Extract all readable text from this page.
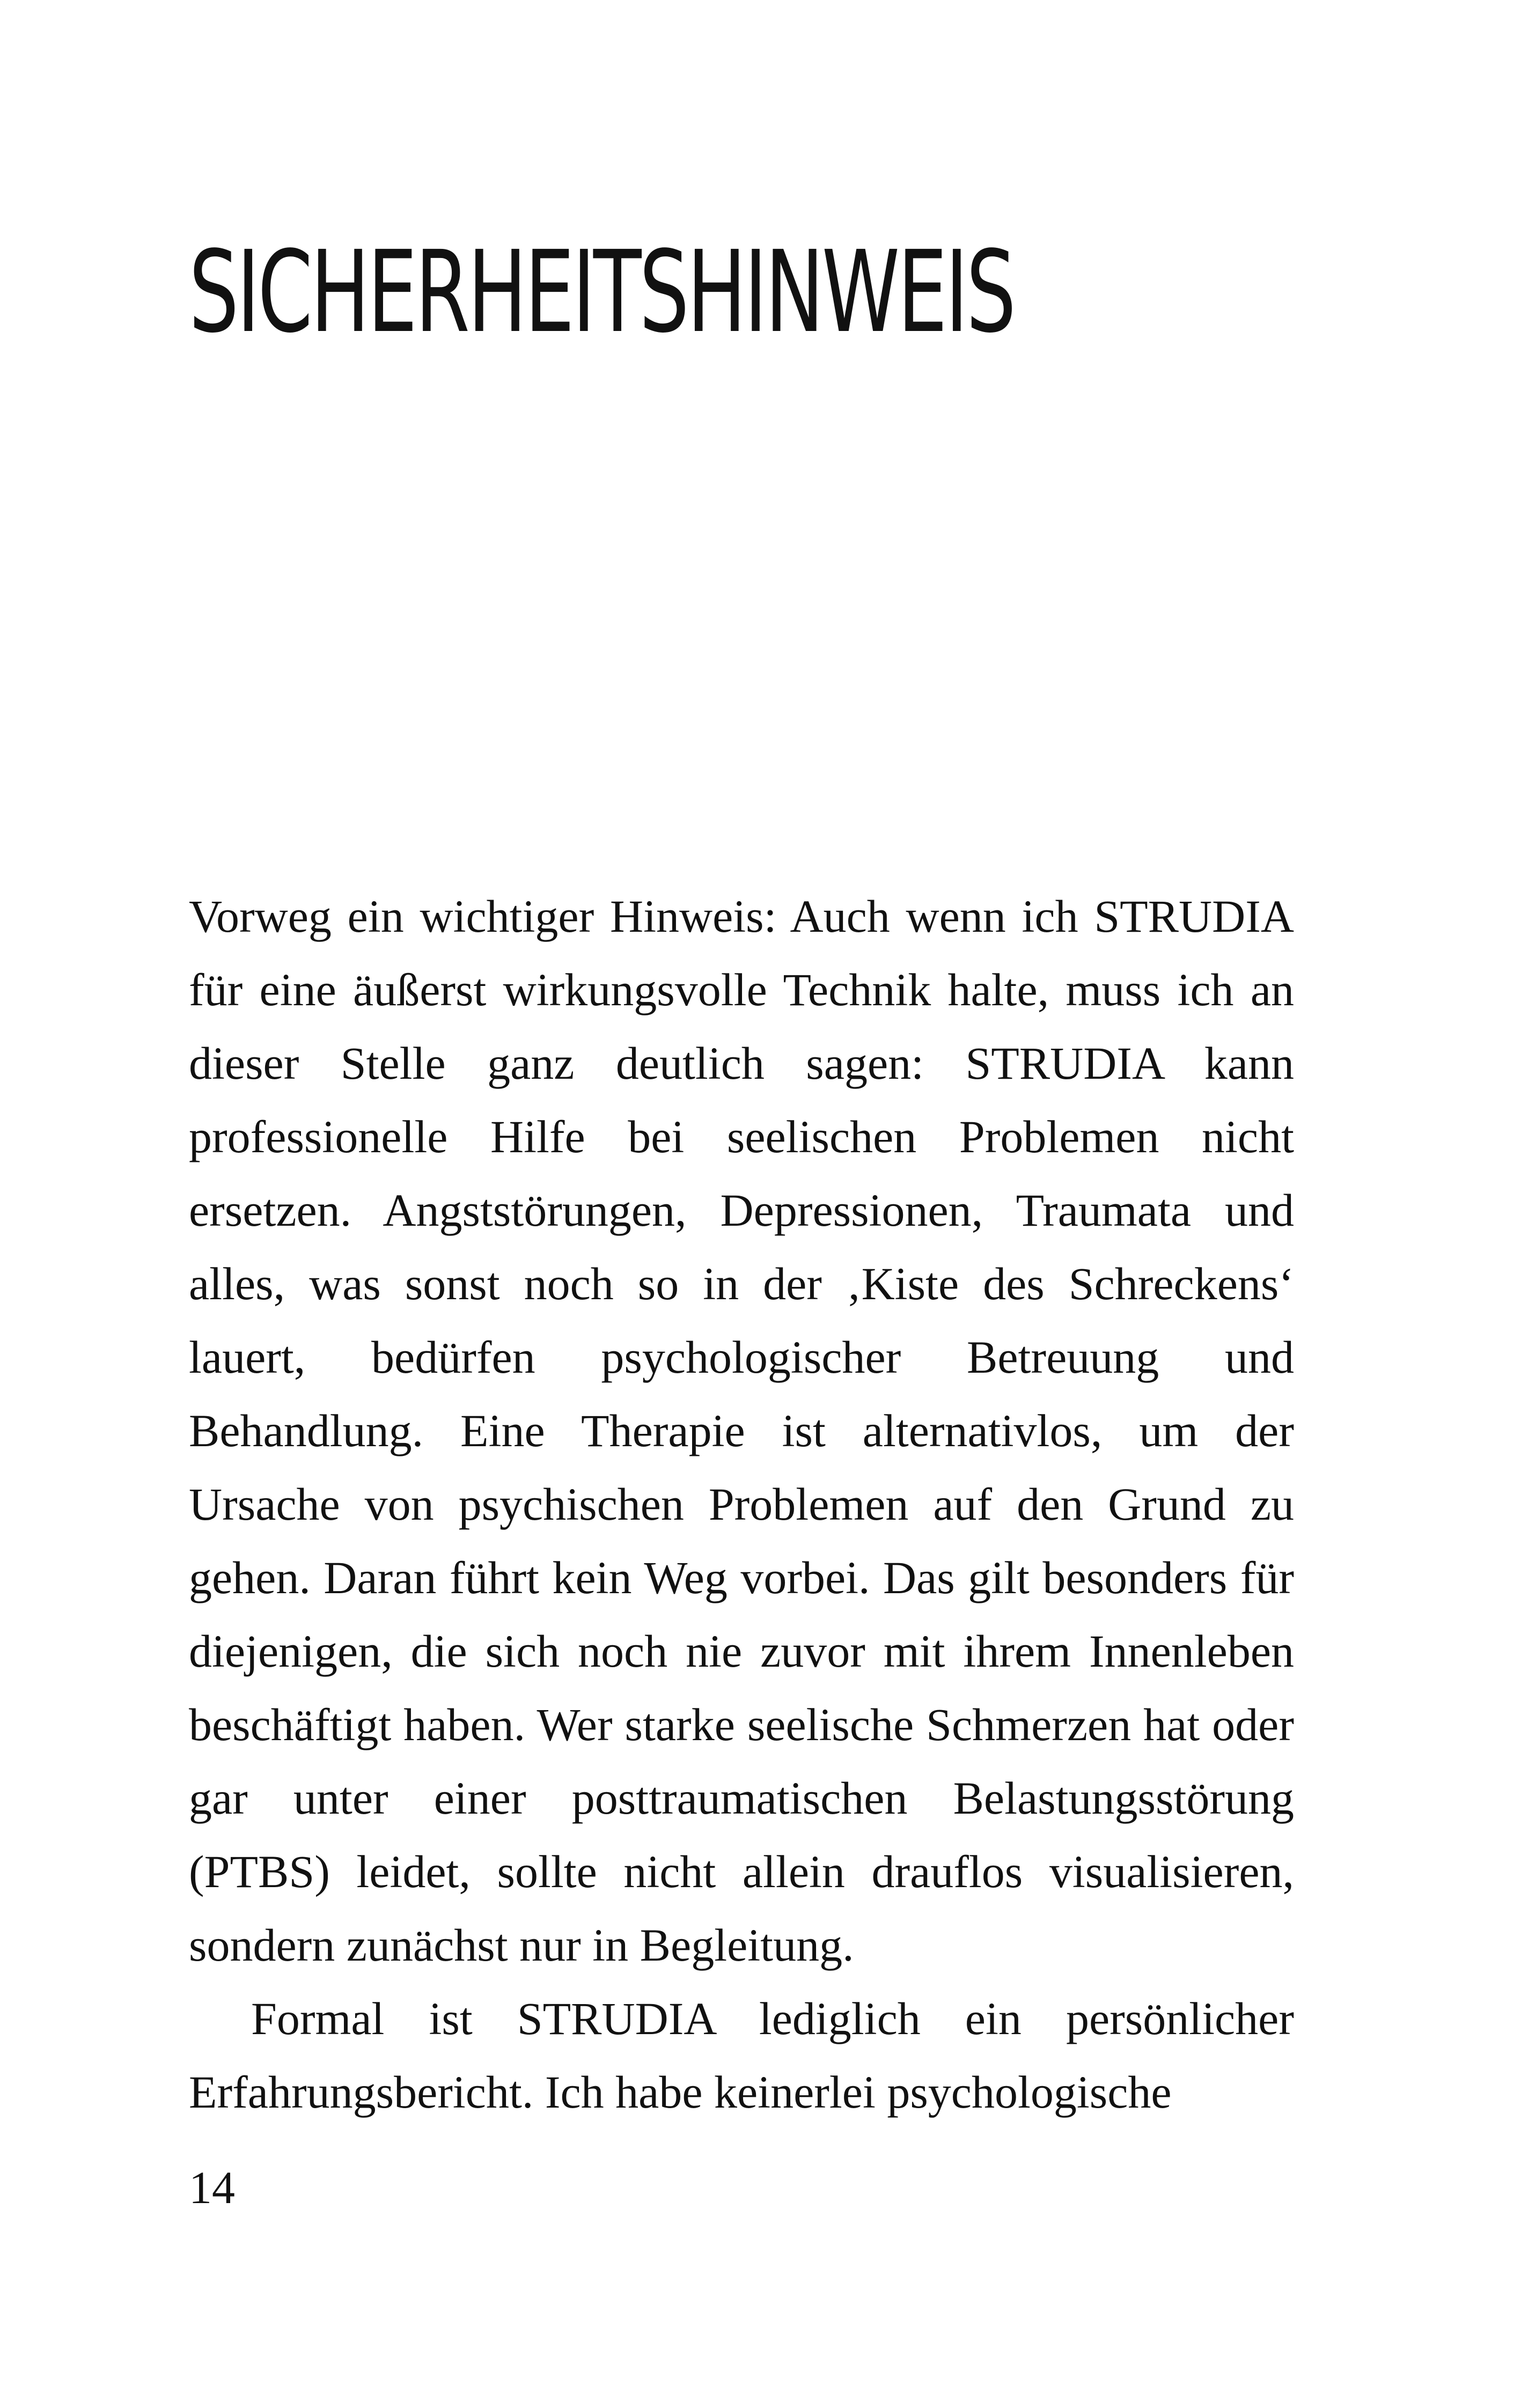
SICHERHEITSHINWEIS

Vorweg ein wichtiger Hinweis: Auch wenn ich STRUDIA für eine äußerst wirkungsvolle Technik halte, muss ich an dieser Stelle ganz deutlich sagen: STRUDIA kann professionelle Hilfe bei seelischen Problemen nicht ersetzen. Angststörungen, Depressionen, Traumata und alles, was sonst noch so in der ‚Kiste des Schreckens‘ lauert, bedürfen psychologischer Betreuung und Behandlung. Eine Therapie ist alternativlos, um der Ursache von psychischen Problemen auf den Grund zu gehen. Daran führt kein Weg vorbei. Das gilt besonders für diejenigen, die sich noch nie zuvor mit ihrem Innenleben beschäftigt haben. Wer starke seelische Schmerzen hat oder gar unter einer posttraumatischen Belastungsstörung (PTBS) leidet, sollte nicht allein drauflos visualisieren, sondern zunächst nur in Begleitung.

Formal ist STRUDIA lediglich ein persönlicher Erfahrungsbericht. Ich habe keinerlei psychologische

14
